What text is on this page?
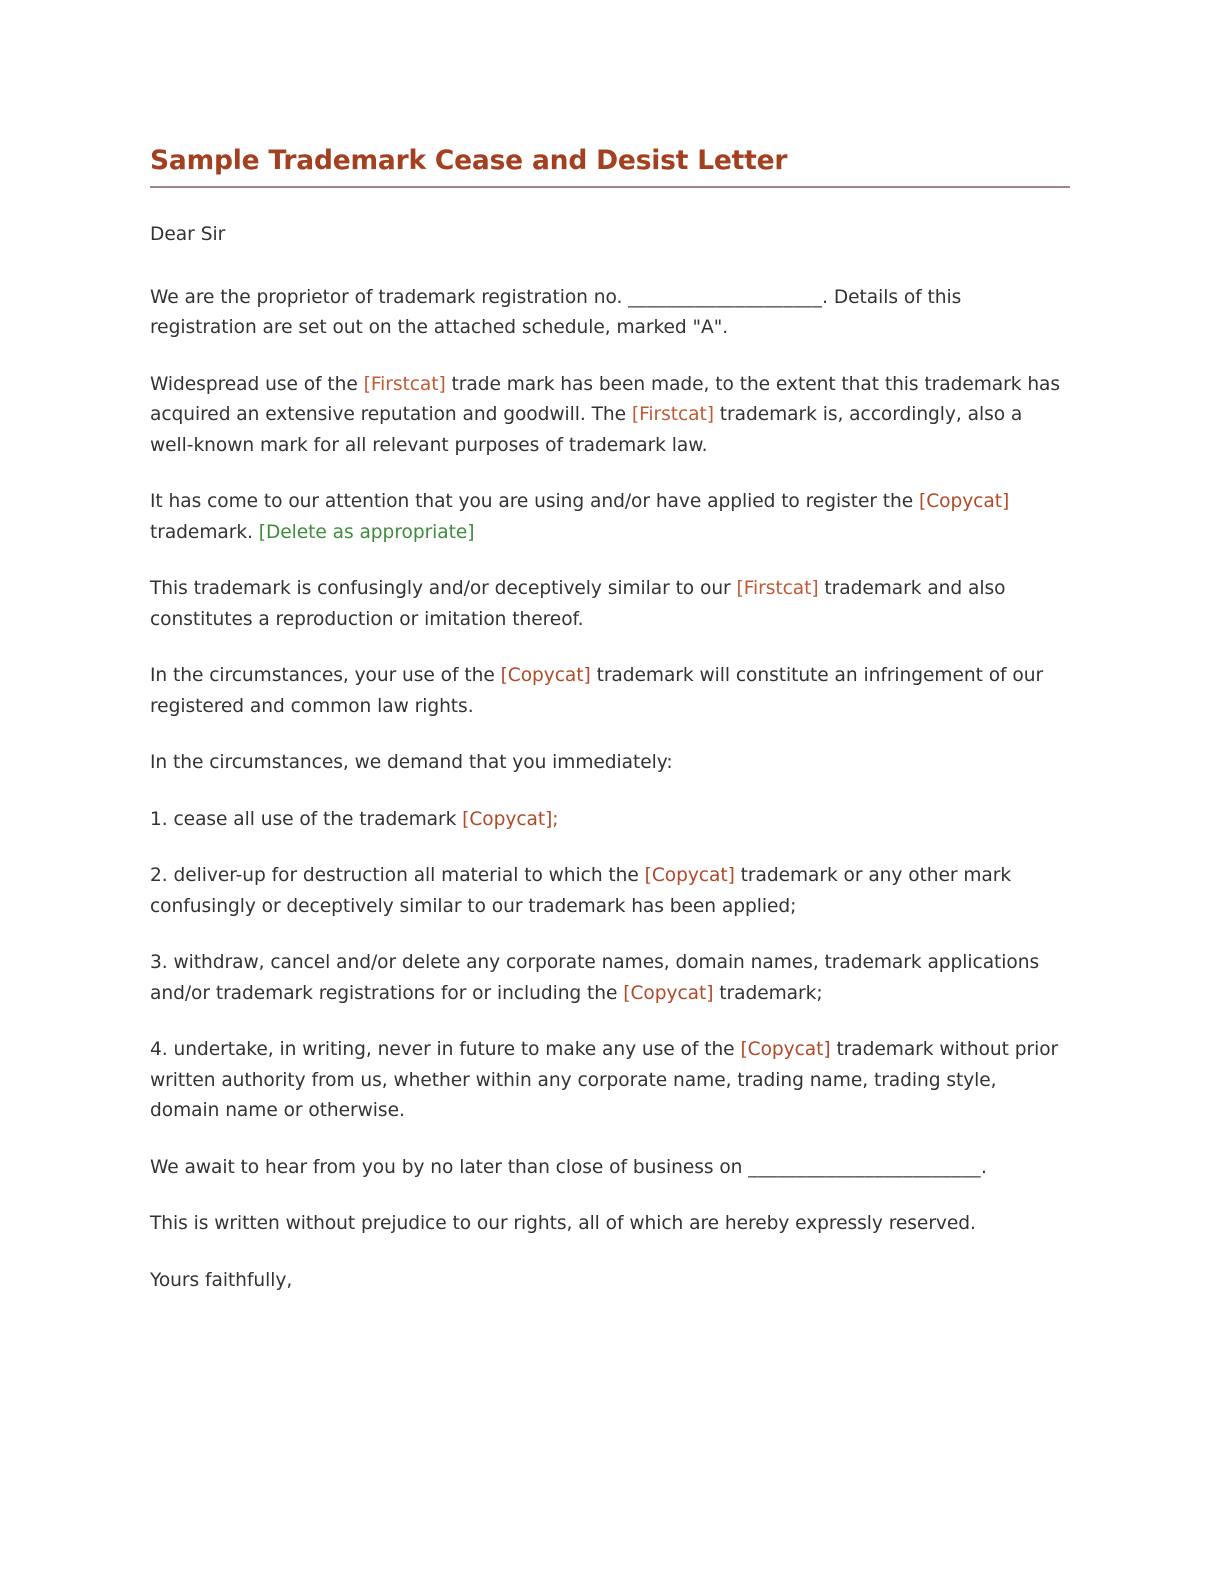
Sample Trademark Cease and Desist Letter

Dear Sir

We are the proprietor of trademark registration no. ____________________. Details of this registration are set out on the attached schedule, marked "A".

Widespread use of the [Firstcat] trade mark has been made, to the extent that this trademark has acquired an extensive reputation and goodwill. The [Firstcat] trademark is, accordingly, also a well-known mark for all relevant purposes of trademark law.

It has come to our attention that you are using and/or have applied to register the [Copycat] trademark. [Delete as appropriate]

This trademark is confusingly and/or deceptively similar to our [Firstcat] trademark and also constitutes a reproduction or imitation thereof.

In the circumstances, your use of the [Copycat] trademark will constitute an infringement of our registered and common law rights.

In the circumstances, we demand that you immediately:

1. cease all use of the trademark [Copycat];

2. deliver-up for destruction all material to which the [Copycat] trademark or any other mark confusingly or deceptively similar to our trademark has been applied;

3. withdraw, cancel and/or delete any corporate names, domain names, trademark applications and/or trademark registrations for or including the [Copycat] trademark;

4. undertake, in writing, never in future to make any use of the [Copycat] trademark without prior written authority from us, whether within any corporate name, trading name, trading style, domain name or otherwise.

We await to hear from you by no later than close of business on ________________________.

This is written without prejudice to our rights, all of which are hereby expressly reserved.

Yours faithfully,
